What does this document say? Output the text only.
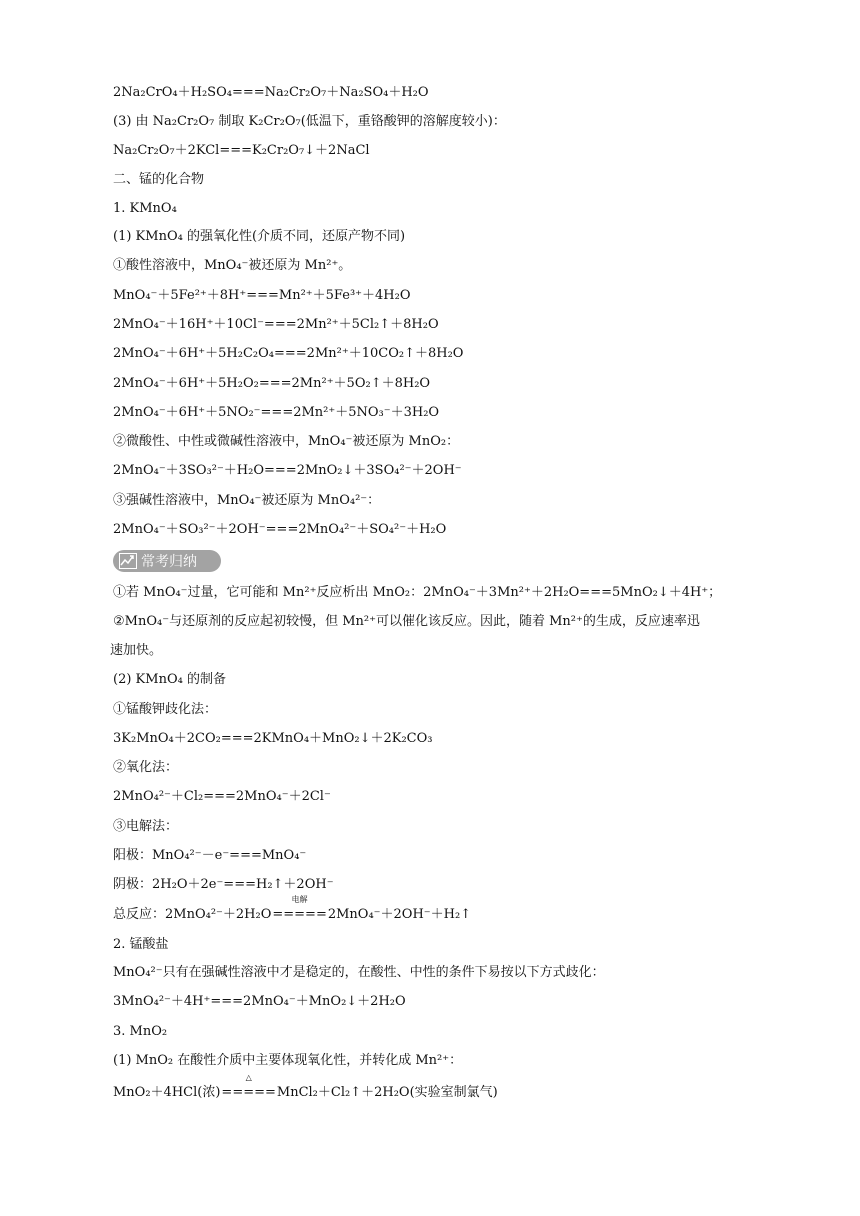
2Na₂CrO₄＋H₂SO₄===Na₂Cr₂O₇＋Na₂SO₄＋H₂O
(3) 由 Na₂Cr₂O₇ 制取 K₂Cr₂O₇(低温下，重铬酸钾的溶解度较小)：
Na₂Cr₂O₇＋2KCl===K₂Cr₂O₇↓＋2NaCl
二、锰的化合物
1. KMnO₄
(1) KMnO₄ 的强氧化性(介质不同，还原产物不同)
①酸性溶液中，MnO₄⁻被还原为 Mn²⁺。
MnO₄⁻＋5Fe²⁺＋8H⁺===Mn²⁺＋5Fe³⁺＋4H₂O
2MnO₄⁻＋16H⁺＋10Cl⁻===2Mn²⁺＋5Cl₂↑＋8H₂O
2MnO₄⁻＋6H⁺＋5H₂C₂O₄===2Mn²⁺＋10CO₂↑＋8H₂O
2MnO₄⁻＋6H⁺＋5H₂O₂===2Mn²⁺＋5O₂↑＋8H₂O
2MnO₄⁻＋6H⁺＋5NO₂⁻===2Mn²⁺＋5NO₃⁻＋3H₂O
②微酸性、中性或微碱性溶液中，MnO₄⁻被还原为 MnO₂：
2MnO₄⁻＋3SO₃²⁻＋H₂O===2MnO₂↓＋3SO₄²⁻＋2OH⁻
③强碱性溶液中，MnO₄⁻被还原为 MnO₄²⁻：
2MnO₄⁻＋SO₃²⁻＋2OH⁻===2MnO₄²⁻＋SO₄²⁻＋H₂O
常考归纳
①若 MnO₄⁻过量，它可能和 Mn²⁺反应析出 MnO₂：2MnO₄⁻＋3Mn²⁺＋2H₂O===5MnO₂↓＋4H⁺；
②MnO₄⁻与还原剂的反应起初较慢，但 Mn²⁺可以催化该反应。因此，随着 Mn²⁺的生成，反应速率迅
速加快。
(2) KMnO₄ 的制备
①锰酸钾歧化法：
3K₂MnO₄＋2CO₂===2KMnO₄＋MnO₂↓＋2K₂CO₃
②氧化法：
2MnO₄²⁻＋Cl₂===2MnO₄⁻＋2Cl⁻
③电解法：
阳极：MnO₄²⁻－e⁻===MnO₄⁻
阴极：2H₂O＋2e⁻===H₂↑＋2OH⁻
总反应：2MnO₄²⁻＋2H₂O
电解
=====2MnO₄⁻＋2OH⁻＋H₂↑
2. 锰酸盐
MnO₄²⁻只有在强碱性溶液中才是稳定的，在酸性、中性的条件下易按以下方式歧化：
3MnO₄²⁻＋4H⁺===2MnO₄⁻＋MnO₂↓＋2H₂O
3. MnO₂
(1) MnO₂ 在酸性介质中主要体现氧化性，并转化成 Mn²⁺：
MnO₂＋4HCl(浓)
△
=====MnCl₂＋Cl₂↑＋2H₂O(实验室制氯气)
